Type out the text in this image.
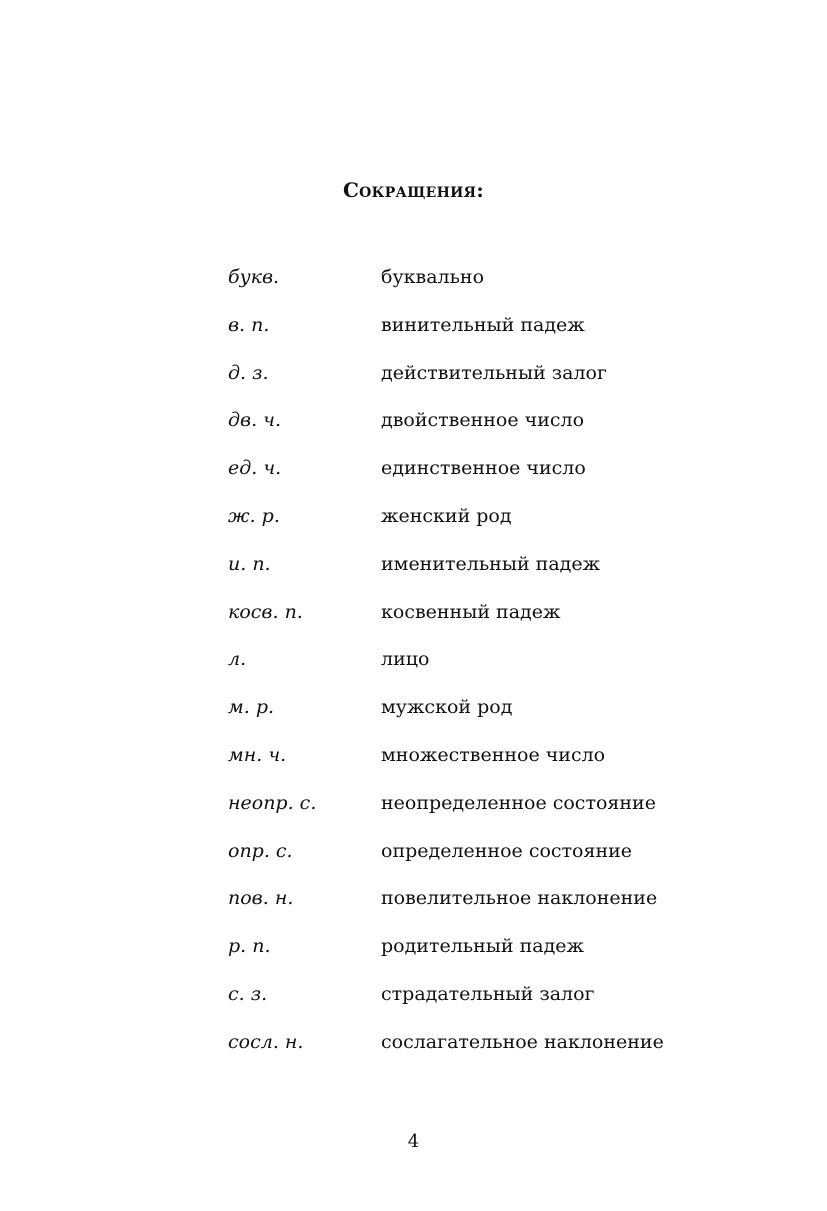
Сокращения:
букв.	буквально
в. п.	винительный падеж
д. з.	действительный залог
дв. ч.	двойственное число
ед. ч.	единственное число
ж. р.	женский род
и. п.	именительный падеж
косв. п.	косвенный падеж
л.	лицо
м. р.	мужской род
мн. ч.	множественное число
неопр. с.	неопределенное состояние
опр. с.	определенное состояние
пов. н.	повелительное наклонение
р. п.	родительный падеж
с. з.	страдательный залог
сосл. н.	сослагательное наклонение
4
